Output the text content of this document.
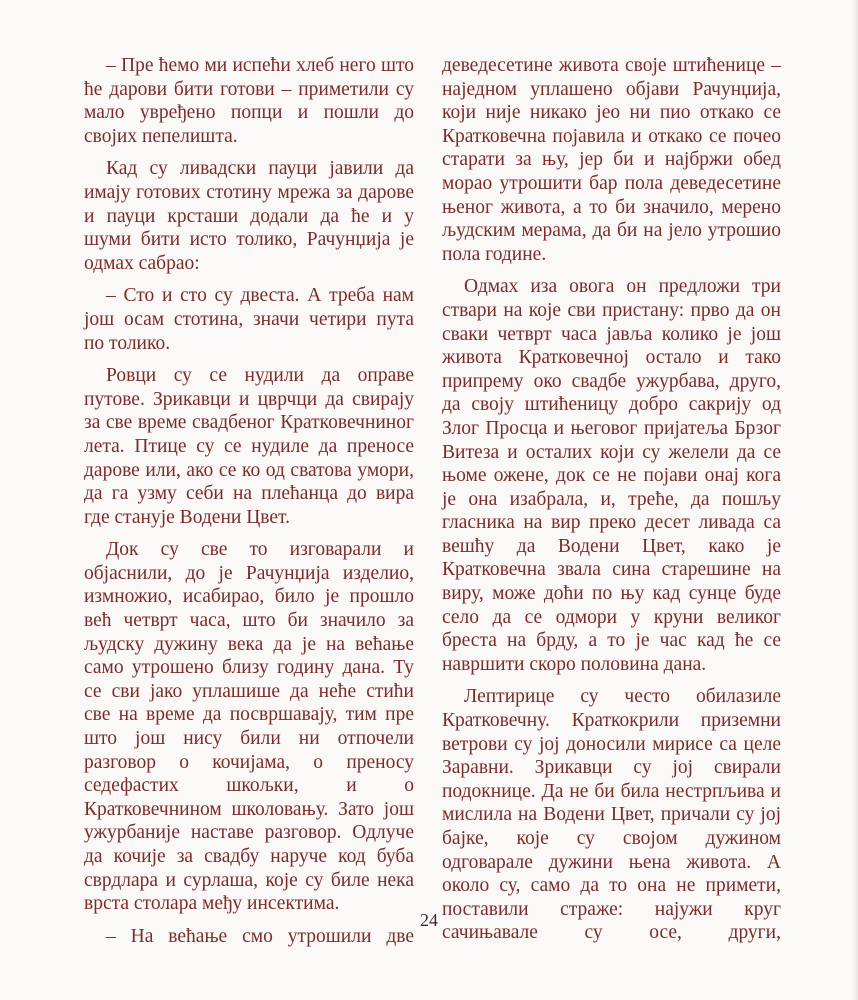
– Пре ћемо ми испећи хлеб него што ће дарови бити готови – приметили су мало увређено попци и пошли до својих пепелишта.

Кад су ливадски пауци јавили да имају готових стотину мрежа за дарове и пауци крсташи додали да ће и у шуми бити исто толико, Рачунџија је одмах сабрао:

– Сто и сто су двеста. А треба нам још осам стотина, значи четири пута по толико.

Ровци су се нудили да оправе путове. Зрикавци и цврчци да свирају за све време свадбеног Кратковечниног лета. Птице су се нудиле да преносе дарове или, ако се ко од сватова умори, да га узму себи на плећанца до вира где станује Водени Цвет.

Док су све то изговарали и објаснили, до је Рачунџија изделио, измножио, исабирао, било је прошло већ четврт часа, што би значило за људску дужину века да је на већање само утрошено близу годину дана. Ту се сви јако уплашише да неће стићи све на време да посвршавају, тим пре што још нису били ни отпочели разговор о кочијама, о преносу седефастих шкољки, и о Кратковечнином школовању. Зато још ужурбаније наставе разговор. Одлуче да кочије за свадбу наруче код буба сврдлара и сурлаша, које су биле нека врста столара међу инсектима.

– На већање смо утрошили две

деведесетине живота своје штићенице – наједном уплашено објави Рачунџија, који није никако јео ни пио откако се Кратковечна појавила и откако се почео старати за њу, јер би и најбржи обед морао утрошити бар пола деведесетине њеног живота, а то би значило, мерено људским мерама, да би на јело утрошио пола године.

Одмах иза овога он предложи три ствари на које сви пристану: прво да он сваки четврт часа јавља колико је још живота Кратковечној остало и тако припрему око свадбе ужурбава, друго, да своју штићеницу добро сакрију од Злог Просца и његовог пријатеља Брзог Витеза и осталих који су желели да се њоме ожене, док се не појави онај кога је она изабрала, и, треће, да пошљу гласника на вир преко десет ливада са вешћу да Водени Цвет, како је Кратковечна звала сина старешине на виру, може доћи по њу кад сунце буде село да се одмори у круни великог бреста на брду, а то је час кад ће се навршити скоро половина дана.

Лептирице су често обилазиле Кратковечну. Краткокрили приземни ветрови су јој доносили мирисе са целе Заравни. Зрикавци су јој свирали подокнице. Да не би била нестрпљива и мислила на Водени Цвет, причали су јој бајке, које су својом дужином одговарале дужини њена живота. А около су, само да то она не примети, поставили страже: најужи круг сачињавале су осе, други,

24
